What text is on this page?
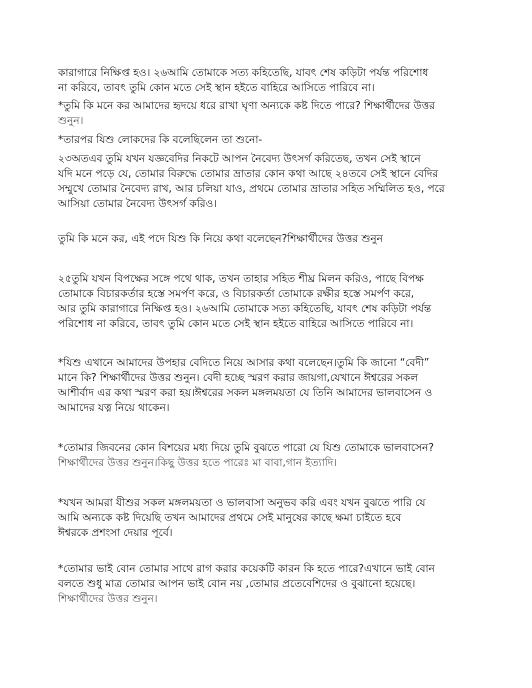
কারাগারে নিক্ষিপ্ত হও। ২৬আমি তোমাকে সত্য কহিতেছি, যাবৎ শেষ কড়িটা পর্যন্ত পরিশোধ
না করিবে, তাবৎ তুমি কোন মতে সেই স্থান হইতে বাহিরে আসিতে পারিবে না।
*তুমি কি মনে কর আমাদের হৃদয়ে ধরে রাখা ঘৃণা অন্যকে কষ্ট দিতে পারে? শিক্ষার্থীদের উত্তর
শুনুন।
*তারপর যিশু লোকদের কি বলেছিলেন তা শুনো-
২৩অতএব তুমি যখন যজ্ঞবেদির নিকটে আপন নৈবেদ্য উৎসর্গ করিতেছ, তখন সেই স্থানে
যদি মনে পড়ে যে, তোমার বিরুদ্ধে তোমার ভ্রাতার কোন কথা আছে ২৪তবে সেই স্থানে বেদির
সম্মুখে তোমার নৈবেদ্য রাখ, আর চলিয়া যাও, প্রথমে তোমার ভ্রাতার সহিত সম্মিলিত হও, পরে
আসিয়া তোমার নৈবেদ্য উৎসর্গ করিও।
তুমি কি মনে কর, এই পদে যিশু কি নিয়ে কথা বলেছেন?শিক্ষার্থীদের উত্তর শুনুন
২৫তুমি যখন বিপক্ষের সঙ্গে পথে থাক, তখন তাহার সহিত শীঘ্র মিলন করিও, পাছে বিপক্ষ
তোমাকে বিচারকর্তার হস্তে সমর্পণ করে, ও বিচারকর্তা তোমাকে রক্ষীর হস্তে সমর্পণ করে,
আর তুমি কারাগারে নিক্ষিপ্ত হও। ২৬আমি তোমাকে সত্য কহিতেছি, যাবৎ শেষ কড়িটা পর্যন্ত
পরিশোধ না করিবে, তাবৎ তুমি কোন মতে সেই স্থান হইতে বাহিরে আসিতে পারিবে না।
*যিশু এখানে আমাদের উপহার বেদিতে নিয়ে আসার কথা বলেছেন।তুমি কি জানো “বেদী”
মানে কি? শিক্ষার্থীদের উত্তর শুনুন। বেদী হচ্ছে স্মরণ করার জায়গা,যেখানে ঈশ্বরের সকল
আশীর্বাদ এর কথা স্মরণ করা হয়।ঈশ্বরের সকল মঙ্গলময়তা যে তিনি আমাদের ভালবাসেন ও
আমাদের যত্ন নিয়ে থাকেন।
*তোমার জিবনের কোন বিশয়ের মধ্য দিয়ে তুমি বুঝতে পারো যে যিশু তোমাকে ভালবাসেন?
শিক্ষার্থীদের উত্তর শুনুন।কিছু উত্তর হতে পারেঃ মা বাবা,গান ইত্যাদি।
*যখন আমরা যীশুর সকল মঙ্গলময়তা ও ভালবাসা অনুভব করি এবং যখন বুঝতে পারি যে
আমি অন্যকে কষ্ট দিয়েছি তখন আমাদের প্রথমে সেই মানুষের কাছে ক্ষমা চাইতে হবে
ঈশ্বরকে প্রশংসা দেয়ার পূর্বে।
*তোমার ভাই বোন তোমার সাথে রাগ করার কয়েকটি কারন কি হতে পারে?এখানে ভাই বোন
বলতে শুধু মাত্র তোমার আপন ভাই বোন নয় ,তোমার প্রতেবেশিদের ও বুঝানো হয়েছে।
শিক্ষার্থীদের উত্তর শুনুন।
